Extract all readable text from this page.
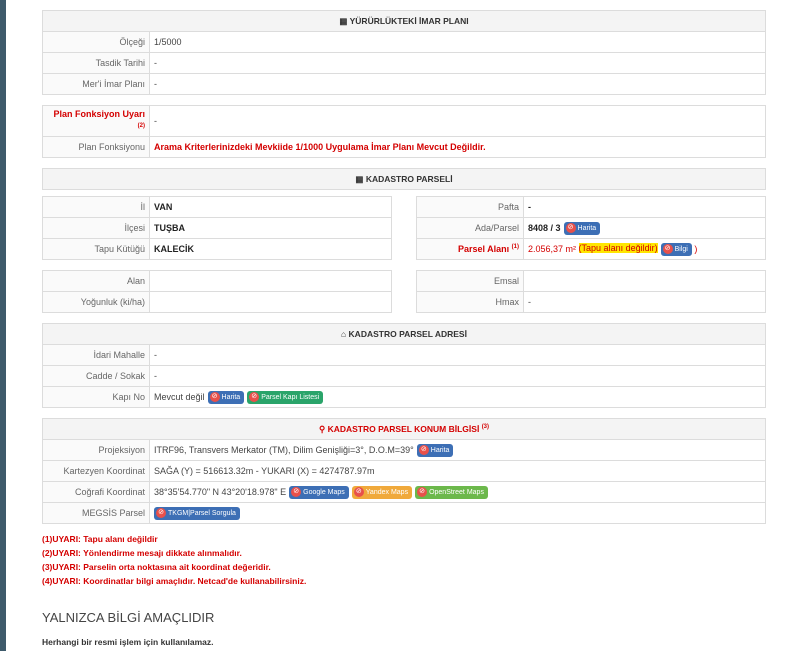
▦ YÜRÜRLÜKTEKİ İMAR PLANI	
Ölçeği	1/5000
Tasdik Tarihi	-
Mer'i İmar Planı	-
Plan Fonksiyon Uyarı $^{(2)}$	-
Plan Fonksiyonu	Arama Kriterlerinizdeki Mevkiide 1/1000 Uygulama İmar Planı Mevcut Değildir.
▦ KADASTRO PARSELİ
İl	VAN
İlçesi	TUŞBA
Tapu Kütüğü	KALECİK
Pafta	-
Ada/Parsel	8408 / 3 ⊘ Harita
Parsel Alanı $^{(1)}$	2.056,37 m² (Tapu alanı değildir) ⊘ Bilgi )
Alan	
Yoğunluk (ki/ha)	
Emsal	
Hmax	-
⌂ KADASTRO PARSEL ADRESİ	
İdari Mahalle	-
Cadde / Sokak	-
Kapı No	Mevcut değil ⊘ Harita ⊘ Parsel Kapı Listesi
⚲ KADASTRO PARSEL KONUM BİLGİSİ $^{(3)}$
Projeksiyon	ITRF96, Transvers Merkator (TM), Dilim Genişliği=3°, D.O.M=39° ⊘ Harita
Kartezyen Koordinat	SAĞA (Y) = 516613.32m - YUKARI (X) = 4274787.97m
Coğrafi Koordinat	38°35'54.770" N 43°20'18.978" E ⊘ Google Maps ⊘ Yandex Maps ⊘ OpenStreet Maps
MEGSİS Parsel	⊘ TKGM|Parsel Sorgula
(1)UYARI: Tapu alanı değildir
(2)UYARI: Yönlendirme mesajı dikkate alınmalıdır.
(3)UYARI: Parselin orta noktasına ait koordinat değeridir.
(4)UYARI: Koordinatlar bilgi amaçlıdır. Netcad'de kullanabilirsiniz.
YALNIZCA BİLGİ AMAÇLIDIR
Herhangi bir resmi işlem için kullanılamaz.
